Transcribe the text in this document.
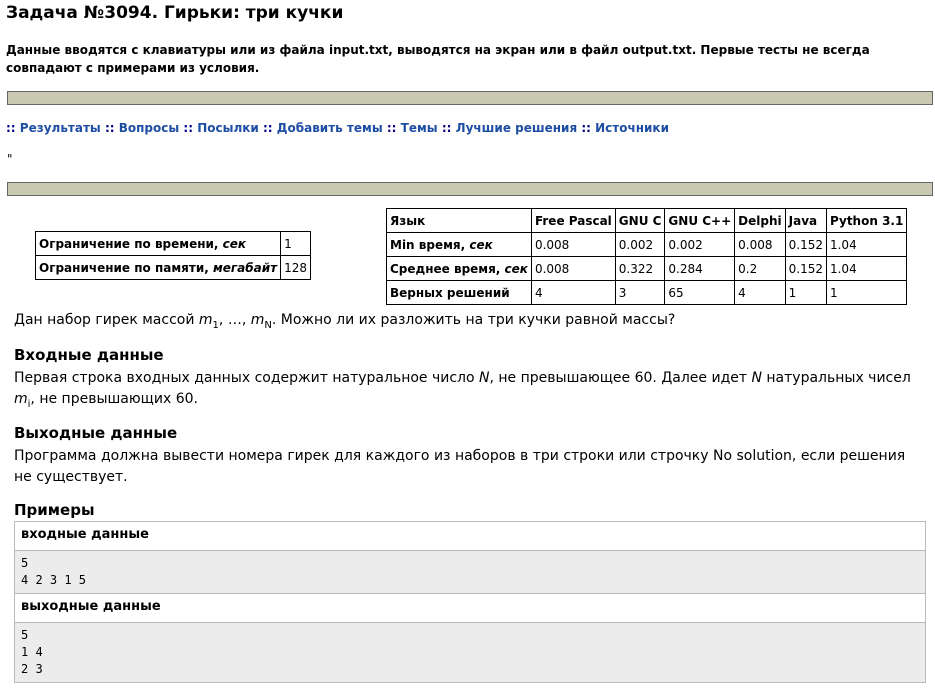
Задача №3094. Гирьки: три кучки
Данные вводятся с клавиатуры или из файла input.txt, выводятся на экран или в файл output.txt. Первые тесты не всегда совпадают с примерами из условия.
:: Результаты :: Вопросы :: Посылки :: Добавить темы :: Темы :: Лучшие решения :: Источники
"
Ограничение по времени, сек	1
Ограничение по памяти, мегабайт	128
Язык	Free Pascal	GNU C	GNU C++	Delphi	Java	Python 3.1
Min время, сек	0.008	0.002	0.002	0.008	0.152	1.04
Среднее время, сек	0.008	0.322	0.284	0.2	0.152	1.04
Верных решений	4	3	65	4	1	1
Дан набор гирек массой $m_1$, …, $m_N$. Можно ли их разложить на три кучки равной массы?
Входные данные
Первая строка входных данных содержит натуральное число N, не превышающее 60. Далее идет N натуральных чисел $m_i$, не превышающих 60.
Выходные данные
Программа должна вывести номера гирек для каждого из наборов в три строки или строчку No solution, если решения не существует.
Примеры
входные данные
5
4 2 3 1 5
выходные данные
5
1 4
2 3
